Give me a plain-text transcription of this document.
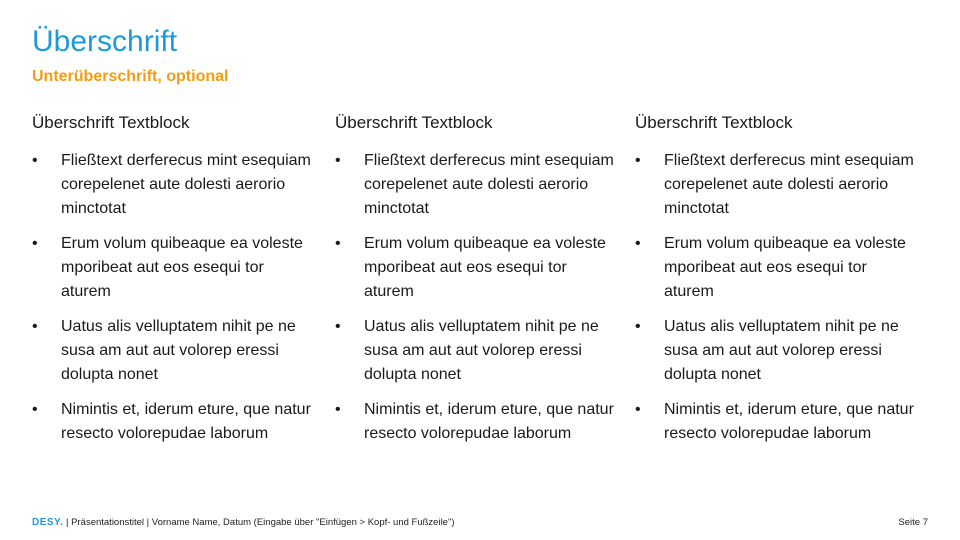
Überschrift
Unterüberschrift, optional
Überschrift Textblock
• Fließtext derferecus mint esequiam corepelenet aute dolesti aerorio minctotat
• Erum volum quibeaque ea voleste mporibeat aut eos esequi tor aturem
• Uatus alis velluptatem nihit pe ne susa am aut aut volorep eressi dolupta nonet
• Nimintis et, iderum eture, que natur resecto volorepudae laborum
Überschrift Textblock
• Fließtext derferecus mint esequiam corepelenet aute dolesti aerorio minctotat
• Erum volum quibeaque ea voleste mporibeat aut eos esequi tor aturem
• Uatus alis velluptatem nihit pe ne susa am aut aut volorep eressi dolupta nonet
• Nimintis et, iderum eture, que natur resecto volorepudae laborum
Überschrift Textblock
• Fließtext derferecus mint esequiam corepelenet aute dolesti aerorio minctotat
• Erum volum quibeaque ea voleste mporibeat aut eos esequi tor aturem
• Uatus alis velluptatem nihit pe ne susa am aut aut volorep eressi dolupta nonet
• Nimintis et, iderum eture, que natur resecto volorepudae laborum
DESY. | Präsentationstitel | Vorname Name, Datum (Eingabe über "Einfügen > Kopf- und Fußzeile")	Seite 7
